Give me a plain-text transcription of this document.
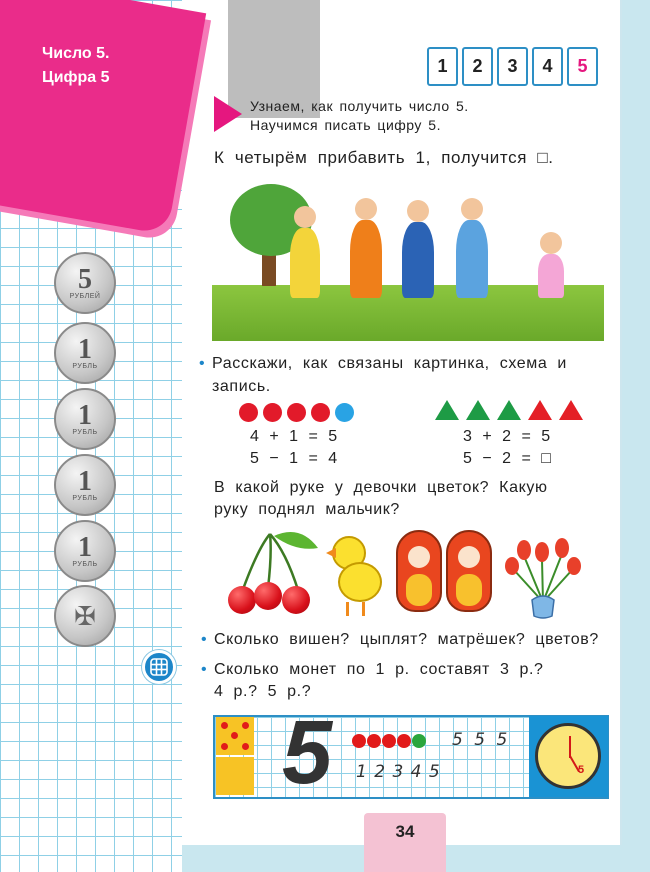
Число 5.
Цифра 5
5
РУБЛЕЙ
1
РУБЛЬ
1
РУБЛЬ
1
РУБЛЬ
1
РУБЛЬ
✠
1	2	3	4	5
Узнаем, как получить число 5.
Научимся писать цифру 5.
К четырём прибавить 1, получится □.
• Расскажи, как связаны картинка, схема и
запись.
4 + 1 = 5
5 − 1 = 4
3 + 2 = 5
5 − 2 = □
В какой руке у девочки цветок? Какую
руку поднял мальчик?
• Сколько вишен? цыплят? матрёшек? цветов?
• Сколько монет по 1 р. составят 3 р.?
4 р.? 5 р.?
5	5 5 5
1 2 3 4 5	5
34
